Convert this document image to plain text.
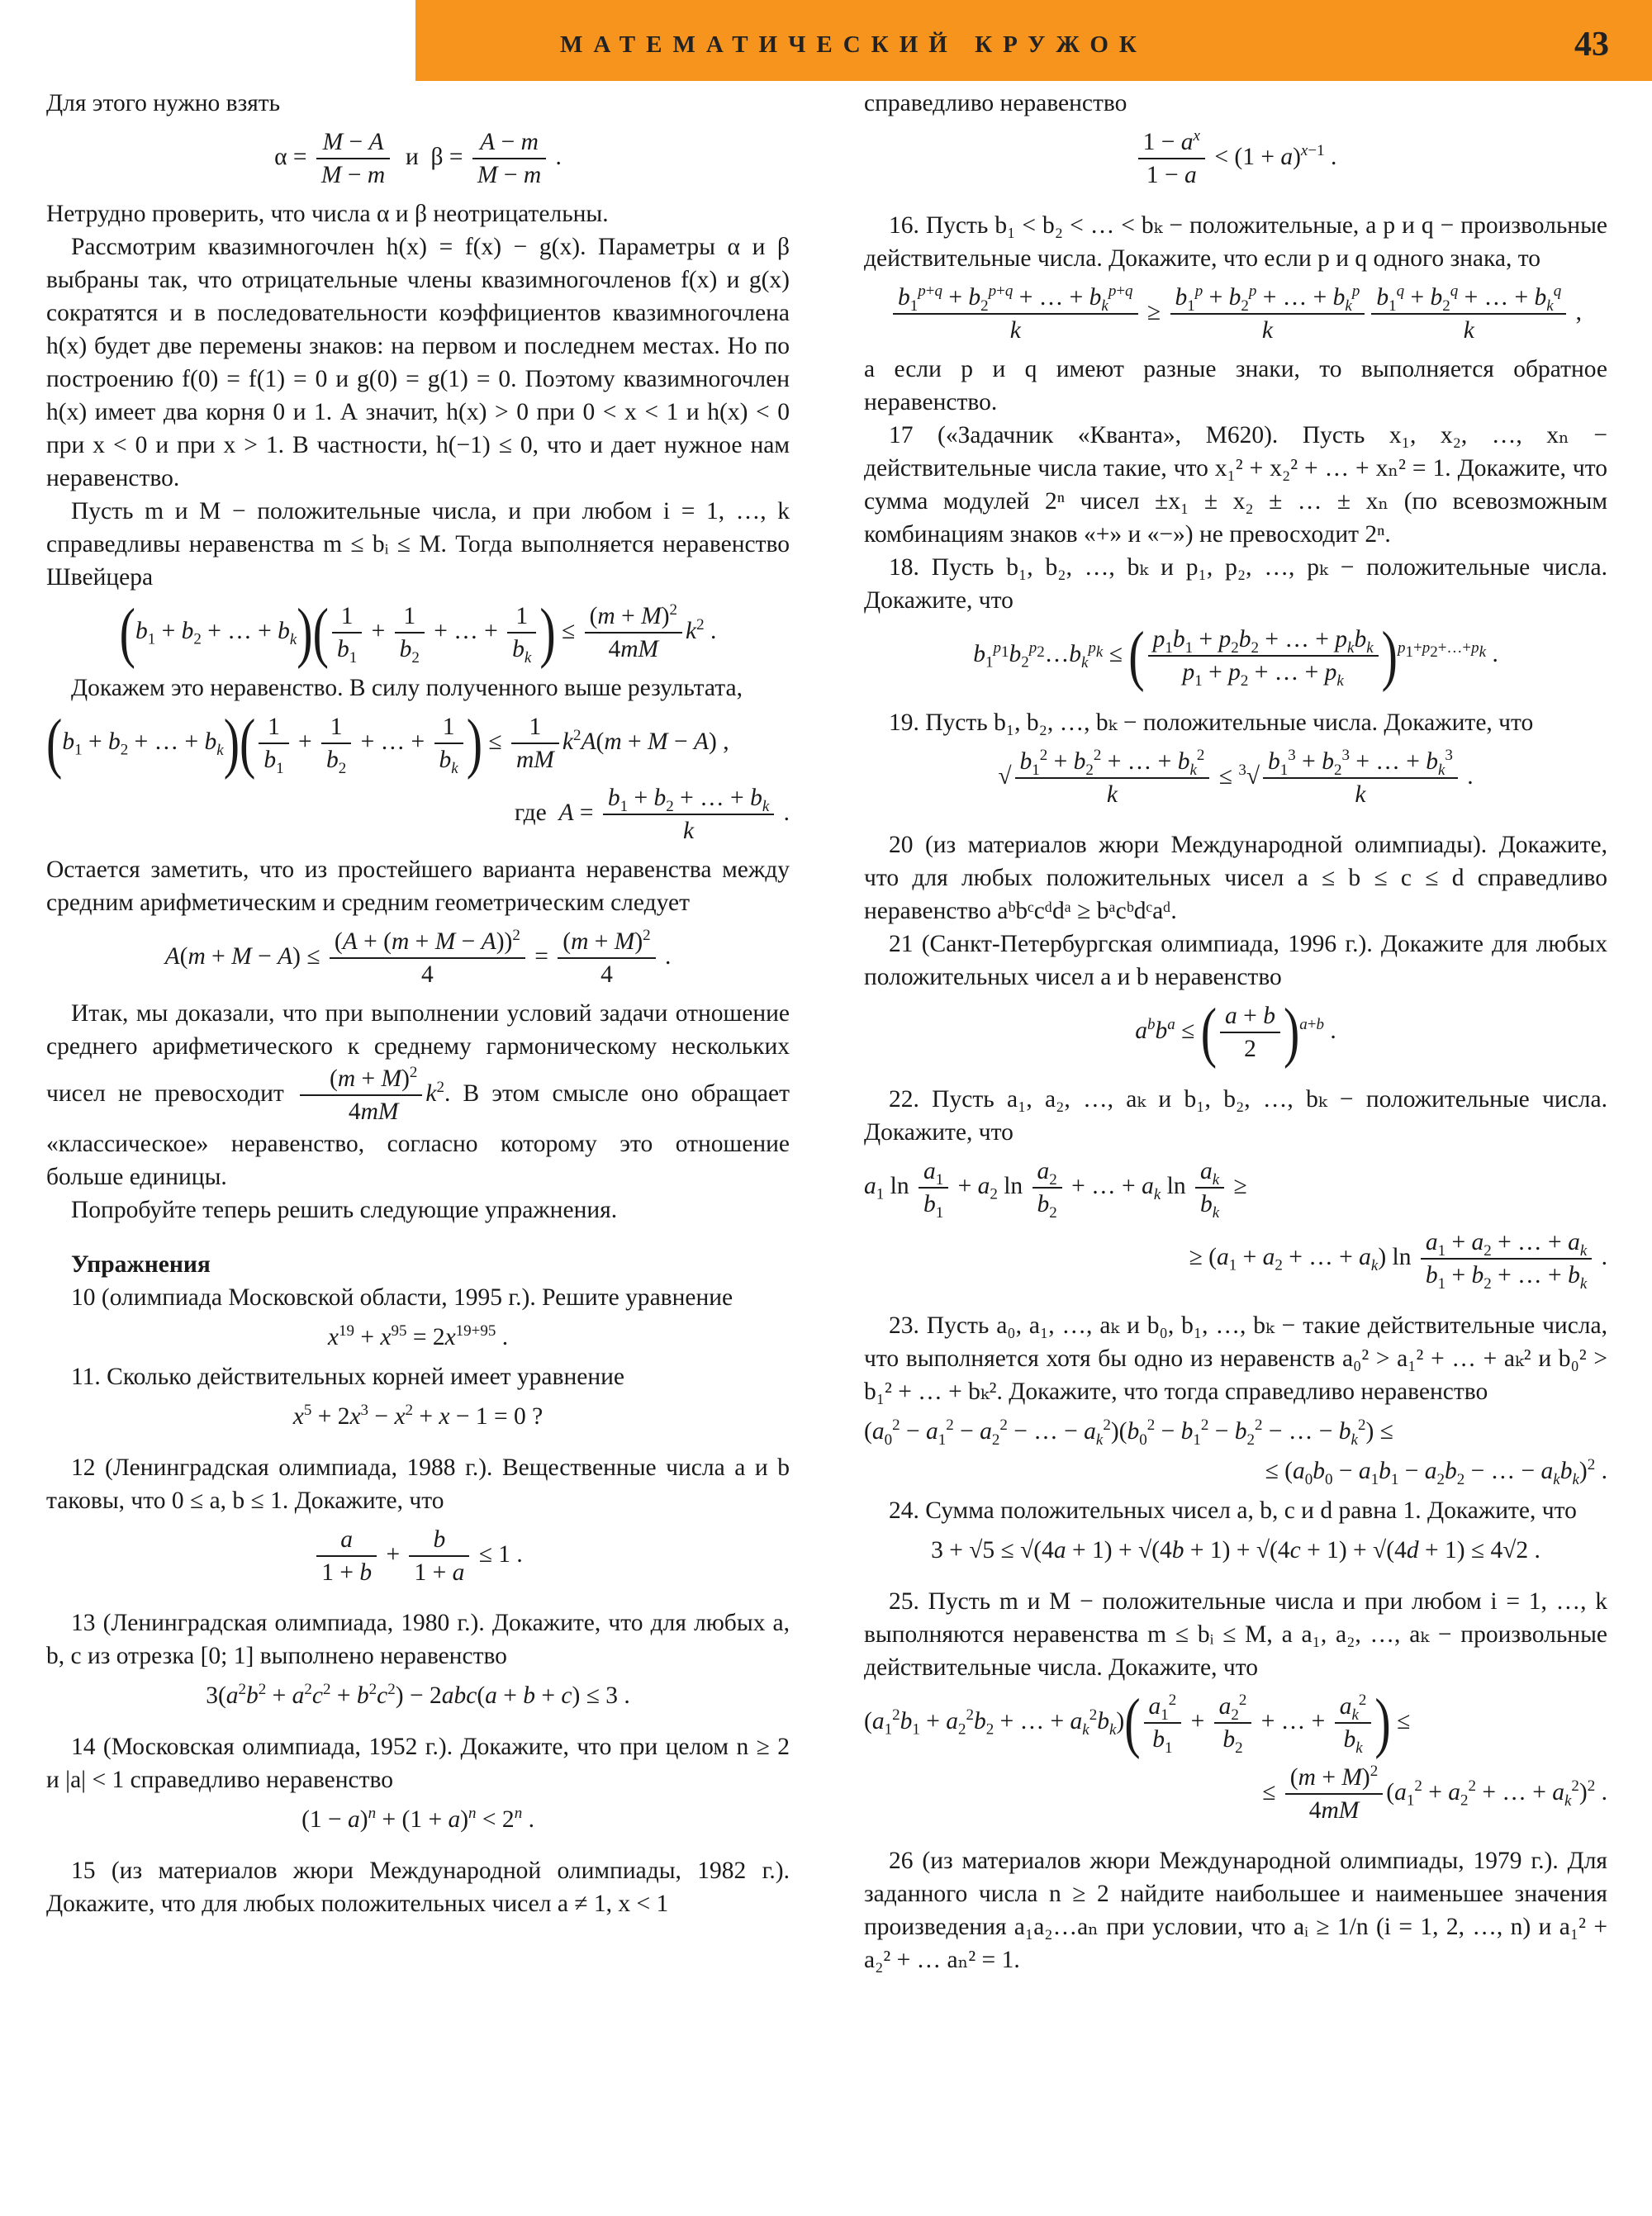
МАТЕМАТИЧЕСКИЙ КРУЖОК	43

Для этого нужно взять

$\alpha = \frac{M - A}{M - m}$ и  $\beta = \frac{A - m}{M - m}$ .

Нетрудно проверить, что числа α и β неотрицательны.

Рассмотрим квазимногочлен h(x) = f(x) − g(x). Параметры α и β выбраны так, что отрицательные члены квазимногочленов f(x) и g(x) сократятся и в последовательности коэффициентов квазимногочлена h(x) будет две перемены знаков: на первом и последнем местах. Но по построению f(0) = f(1) = 0 и g(0) = g(1) = 0. Поэтому квазимногочлен h(x) имеет два корня 0 и 1. А значит, h(x) > 0 при 0 < x < 1 и h(x) < 0 при x < 0 и при x > 1. В частности, h(−1) ≤ 0, что и дает нужное нам неравенство.

Пусть m и M − положительные числа, и при любом i = 1, …, k справедливы неравенства m ≤ bᵢ ≤ M. Тогда выполняется неравенство Швейцера

($b_1 + b_2$ + … + $b_k)( \frac{1}{b_1} + \frac{1}{b_2}$ + … + $\frac{1}{b_k}$ ) ≤ $\frac{(m + M)^2}{4mM} k^2$ .

Докажем это неравенство. В силу полученного выше результата,

($b_1 + b_2$ + … + $b_k)( \frac{1}{b_1} + \frac{1}{b_2}$ + … + $\frac{1}{b_k}$ ) ≤ $\frac{1}{mM} k^2A(m + M - A)$ ,
где $A = \frac{b_1 + b_2 + \dots + b_k}{k}$ .

Остается заметить, что из простейшего варианта неравенства между средним арифметическим и средним геометрическим следует

$A(m + M - A) \le \frac{(A + (m + M - A))^2}{4} = \frac{(m + M)^2}{4}$ .

Итак, мы доказали, что при выполнении условий задачи отношение среднего арифметического к среднему гармоническому нескольких чисел не превосходит $\frac{(m + M)^2}{4mM} k^2$. В этом смысле оно обращает «классическое» неравенство, согласно которому это отношение больше единицы.

Попробуйте теперь решить следующие упражнения.

Упражнения

10 (олимпиада Московской области, 1995 г.). Решите уравнение

$x^{19} + x^{95} = 2x^{19+95}$ .

11. Сколько действительных корней имеет уравнение

$x^5 + 2x^3 - x^2 + x - 1 = 0$ ?

12 (Ленинградская олимпиада, 1988 г.). Вещественные числа a и b таковы, что 0 ≤ a, b ≤ 1. Докажите, что

$\frac{a}{1 + b} + \frac{b}{1 + a} \le 1$ .

13 (Ленинградская олимпиада, 1980 г.). Докажите, что для любых a, b, c из отрезка [0; 1] выполнено неравенство

$3(a^2b^2 + a^2c^2 + b^2c^2) - 2abc(a + b + c) \le 3$ .

14 (Московская олимпиада, 1952 г.). Докажите, что при целом n ≥ 2 и |a| < 1 справедливо неравенство

$(1 - a)^n + (1 + a)^n < 2^n$ .

15 (из материалов жюри Международной олимпиады, 1982 г.). Докажите, что для любых положительных чисел a ≠ 1, x < 1

справедливо неравенство

$\frac{1 - a^x}{1 - a} < (1 + a)^{x-1}$ .

16. Пусть b₁ < b₂ < … < bₖ − положительные, а p и q − произвольные действительные числа. Докажите, что если p и q одного знака, то

$\frac{b_1^{p+q} + b_2^{p+q} + \dots + b_k^{p+q}}{k} \ge \frac{b_1^p + b_2^p + \dots + b_k^p}{k} \frac{b_1^q + b_2^q + \dots + b_k^q}{k}$ ,

а если p и q имеют разные знаки, то выполняется обратное неравенство.

17 («Задачник «Кванта», М620). Пусть x₁, x₂, …, xₙ − действительные числа такие, что x₁² + x₂² + … + xₙ² = 1. Докажите, что сумма модулей 2ⁿ чисел ±x₁ ± x₂ ± … ± xₙ (по всевозможным комбинациям знаков «+» и «−») не превосходит 2ⁿ.

18. Пусть b₁, b₂, …, bₖ и p₁, p₂, …, pₖ − положительные числа. Докажите, что

$b_1^{p_1}b_2^{p_2}\dots b_k^{p_k}$ ≤ ( $\frac{p_1b_1 + p_2b_2 + \dots + p_kb_k}{p_1 + p_2 + \dots + p_k} )^{p_1+p_2+\dots+p_k}$ .

19. Пусть b₁, b₂, …, bₖ − положительные числа. Докажите, что

√ $\frac{b_1^2 + b_2^2 + \dots + b_k^2}{k} \le ^3√ \frac{b_1^3 + b_2^3 + \dots + b_k^3}{k}$ .

20 (из материалов жюри Международной олимпиады). Докажите, что для любых положительных чисел a ≤ b ≤ c ≤ d справедливо неравенство aᵇbᶜcᵈdᵃ ≥ bᵃcᵇdᶜaᵈ.

21 (Санкт-Петербургская олимпиада, 1996 г.). Докажите для любых положительных чисел a и b неравенство

$a^bb^a$ ≤ ( $\frac{a + b}{2} )^{a+b}$ .

22. Пусть a₁, a₂, …, aₖ и b₁, b₂, …, bₖ − положительные числа. Докажите, что

$a_1$ $\ln \frac{a_1}{b_1} + a_2$ $\ln \frac{a_2}{b_2}$ + … + $a_k$ $\ln \frac{a_k}{b_k}$ ≥
≥ ($a_1 + a_2$ + … + $a_k$) $\ln \frac{a_1 + a_2 + \dots + a_k}{b_1 + b_2 + \dots + b_k}$ .

23. Пусть a₀, a₁, …, aₖ и b₀, b₁, …, bₖ − такие действительные числа, что выполняется хотя бы одно из неравенств a₀² > a₁² + … + aₖ² и b₀² > b₁² + … + bₖ². Докажите, что тогда справедливо неравенство

($a_0^2 - a_1^2 - a_2^2$ − … − $a_k^2)(b_0^2 - b_1^2 - b_2^2$ − … − $b_k^2$) ≤
≤ ($a_0b_0 - a_1b_1 - a_2b_2$ − … − $a_kb_k)^2$ .

24. Сумма положительных чисел a, b, c и d равна 1. Докажите, что

3 + √5 ≤ √(4a + 1) + √(4b + 1) + √(4c + 1) + √(4d + 1) ≤ 4√2 .

25. Пусть m и M − положительные числа и при любом i = 1, …, k выполняются неравенства m ≤ bᵢ ≤ M, а a₁, a₂, …, aₖ − произвольные действительные числа. Докажите, что

($a_1^2b_1 + a_2^2b_2$ + … + $a_k^2b_k)( \frac{a_1^2}{b_1} + \frac{a_2^2}{b_2}$ + … + $\frac{a_k^2}{b_k}$ ) ≤
≤ $\frac{(m + M)^2}{4mM} (a_1^2 + a_2^2$ + … + $a_k^2)^2$ .

26 (из материалов жюри Международной олимпиады, 1979 г.). Для заданного числа n ≥ 2 найдите наибольшее и наименьшее значения произведения a₁a₂…aₙ при условии, что aᵢ ≥ 1/n (i = 1, 2, …, n) и a₁² + a₂² + … aₙ² = 1.
